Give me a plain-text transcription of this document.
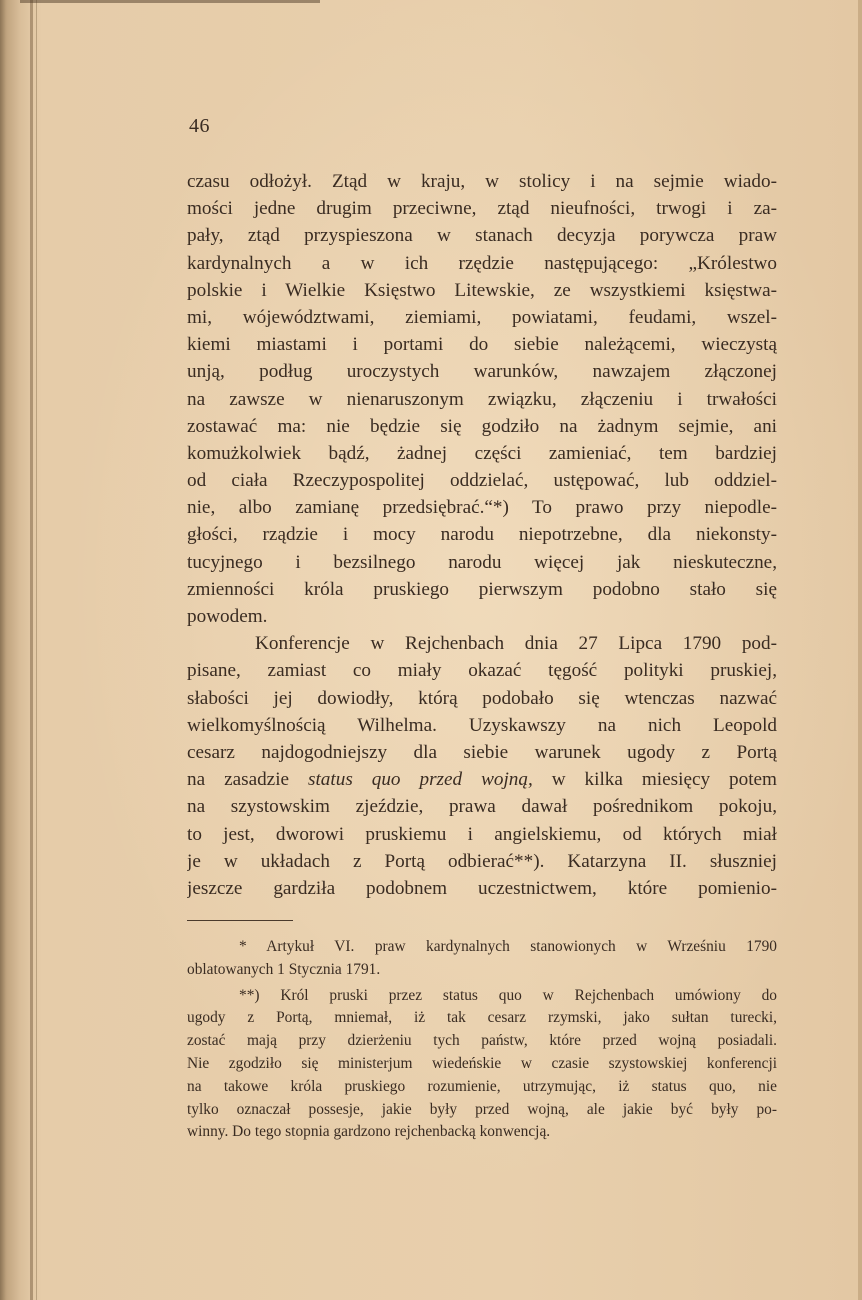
46
czasu odłożył. Ztąd w kraju, w stolicy i na sejmie wiado-
mości jedne drugim przeciwne, ztąd nieufności, trwogi i za-
pały, ztąd przyspieszona w stanach decyzja porywcza praw
kardynalnych a w ich rzędzie następującego: „Królestwo
polskie i Wielkie Księstwo Litewskie, ze wszystkiemi księstwa-
mi, wójewództwami, ziemiami, powiatami, feudami, wszel-
kiemi miastami i portami do siebie należącemi, wieczystą
unją, podług uroczystych warunków, nawzajem złączonej
na zawsze w nienaruszonym związku, złączeniu i trwałości
zostawać ma: nie będzie się godziło na żadnym sejmie, ani
komużkolwiek bądź, żadnej części zamieniać, tem bardziej
od ciała Rzeczypospolitej oddzielać, ustępować, lub oddziel-
nie, albo zamianę przedsiębrać.“*) To prawo przy niepodle-
głości, rządzie i mocy narodu niepotrzebne, dla niekonsty-
tucyjnego i bezsilnego narodu więcej jak nieskuteczne,
zmienności króla pruskiego pierwszym podobno stało się
powodem.
Konferencje w Rejchenbach dnia 27 Lipca 1790 pod-
pisane, zamiast co miały okazać tęgość polityki pruskiej,
słabości jej dowiodły, którą podobało się wtenczas nazwać
wielkomyślnością Wilhelma. Uzyskawszy na nich Leopold
cesarz najdogodniejszy dla siebie warunek ugody z Portą
na zasadzie status quo przed wojną, w kilka miesięcy potem
na szystowskim zjeździe, prawa dawał pośrednikom pokoju,
to jest, dworowi pruskiemu i angielskiemu, od których miał
je w układach z Portą odbierać**). Katarzyna II. słuszniej
jeszcze gardziła podobnem uczestnictwem, które pomienio-
* Artykuł VI. praw kardynalnych stanowionych w Wrześniu 1790
oblatowanych 1 Stycznia 1791.
**) Król pruski przez status quo w Rejchenbach umówiony do
ugody z Portą, mniemał, iż tak cesarz rzymski, jako sułtan turecki,
zostać mają przy dzierżeniu tych państw, które przed wojną posiadali.
Nie zgodziło się ministerjum wiedeńskie w czasie szystowskiej konferencji
na takowe króla pruskiego rozumienie, utrzymując, iż status quo, nie
tylko oznaczał possesje, jakie były przed wojną, ale jakie być były po-
winny. Do tego stopnia gardzono rejchenbacką konwencją.
